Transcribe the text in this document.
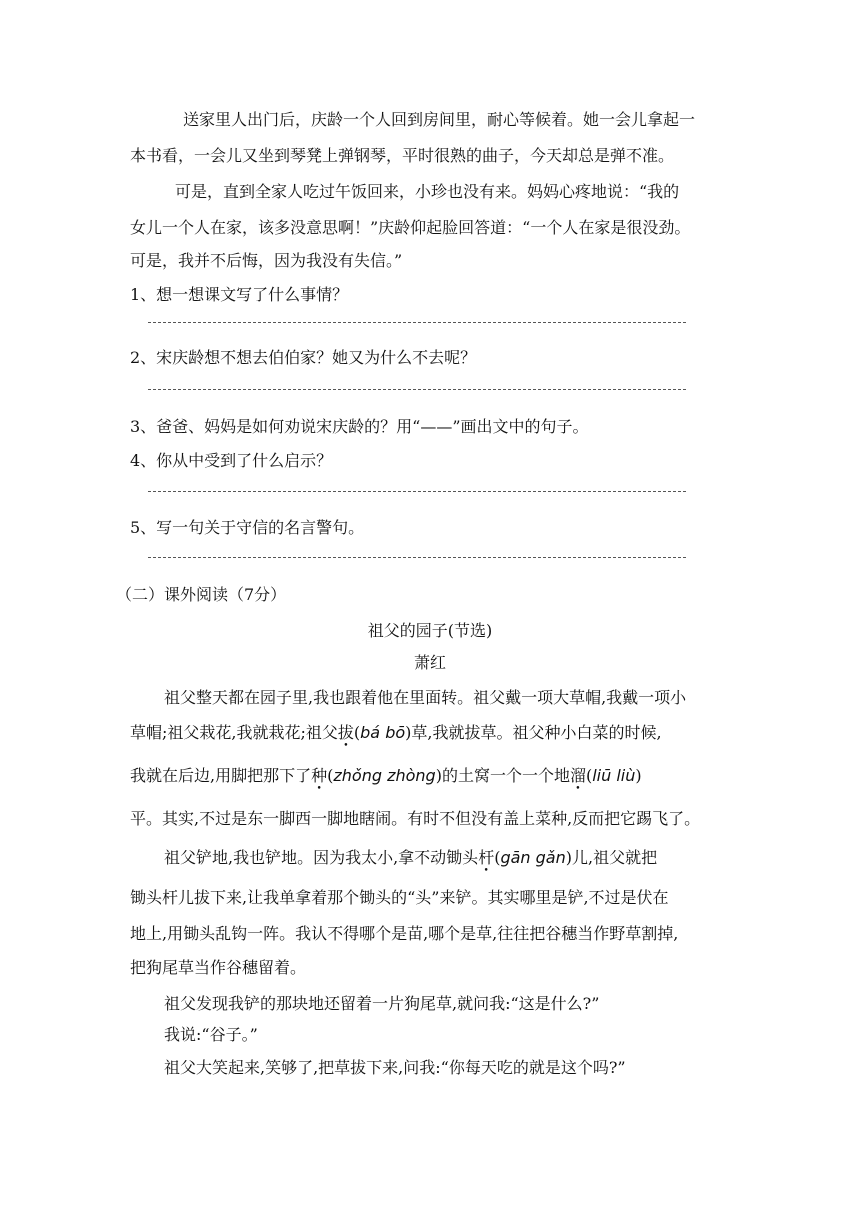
送家里人出门后，庆龄一个人回到房间里，耐心等候着。她一会儿拿起一
本书看，一会儿又坐到琴凳上弹钢琴，平时很熟的曲子，今天却总是弹不准。
可是，直到全家人吃过午饭回来，小珍也没有来。妈妈心疼地说：“我的
女儿一个人在家，该多没意思啊！”庆龄仰起脸回答道：“一个人在家是很没劲。
可是，我并不后悔，因为我没有失信。”
1、想一想课文写了什么事情？
2、宋庆龄想不想去伯伯家？她又为什么不去呢？
3、爸爸、妈妈是如何劝说宋庆龄的？用“——”画出文中的句子。
4、你从中受到了什么启示？
5、写一句关于守信的名言警句。
（二）课外阅读（7分）
祖父的园子(节选)
萧红
祖父整天都在园子里,我也跟着他在里面转。祖父戴一项大草帽,我戴一项小
草帽;祖父栽花,我就栽花;祖父拔(bá bō)草,我就拔草。祖父种小白菜的时候,
我就在后边,用脚把那下了种(zhǒng zhòng)的土窝一个一个地溜(liū liù)
平。其实,不过是东一脚西一脚地瞎闹。有时不但没有盖上菜种,反而把它踢飞了。
祖父铲地,我也铲地。因为我太小,拿不动锄头杆(gān gǎn)儿,祖父就把
锄头杆儿拔下来,让我单拿着那个锄头的“头”来铲。其实哪里是铲,不过是伏在
地上,用锄头乱钩一阵。我认不得哪个是苗,哪个是草,往往把谷穗当作野草割掉,
把狗尾草当作谷穗留着。
祖父发现我铲的那块地还留着一片狗尾草,就问我:“这是什么?”
我说:“谷子。”
祖父大笑起来,笑够了,把草拔下来,问我:“你每天吃的就是这个吗?”
